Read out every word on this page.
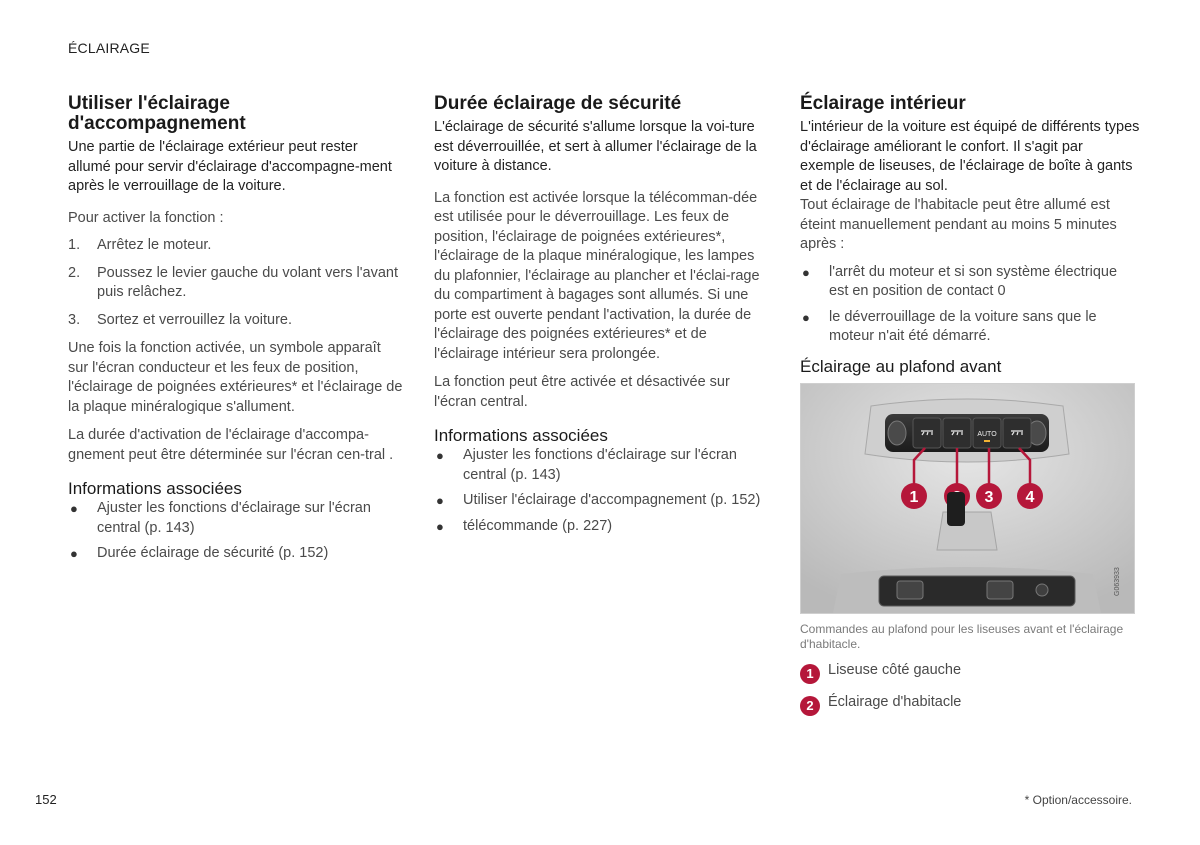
ÉCLAIRAGE
Utiliser l'éclairage d'accompagnement

Une partie de l'éclairage extérieur peut rester allumé pour servir d'éclairage d'accompagne-ment après le verrouillage de la voiture.

Pour activer la fonction :

1. Arrêtez le moteur.
2. Poussez le levier gauche du volant vers l'avant puis relâchez.
3. Sortez et verrouillez la voiture.

Une fois la fonction activée, un symbole apparaît sur l'écran conducteur et les feux de position, l'éclairage de poignées extérieures* et l'éclairage de la plaque minéralogique s'allument.

La durée d'activation de l'éclairage d'accompa-gnement peut être déterminée sur l'écran cen-tral .

Informations associées
● Ajuster les fonctions d'éclairage sur l'écran central (p. 143)
● Durée éclairage de sécurité (p. 152)
Durée éclairage de sécurité

L'éclairage de sécurité s'allume lorsque la voi-ture est déverrouillée, et sert à allumer l'éclairage de la voiture à distance.

La fonction est activée lorsque la télécomman-dée est utilisée pour le déverrouillage. Les feux de position, l'éclairage de poignées extérieures*, l'éclairage de la plaque minéralogique, les lampes du plafonnier, l'éclairage au plancher et l'éclai-rage du compartiment à bagages sont allumés. Si une porte est ouverte pendant l'activation, la durée de l'éclairage des poignées extérieures* et de l'éclairage intérieur sera prolongée.

La fonction peut être activée et désactivée sur l'écran central.

Informations associées
● Ajuster les fonctions d'éclairage sur l'écran central (p. 143)
● Utiliser l'éclairage d'accompagnement (p. 152)
● télécommande (p. 227)
Éclairage intérieur

L'intérieur de la voiture est équipé de différents types d'éclairage améliorant le confort. Il s'agit par exemple de liseuses, de l'éclairage de boîte à gants et de l'éclairage au sol.

Tout éclairage de l'habitacle peut être allumé est éteint manuellement pendant au moins 5 minutes après :

● l'arrêt du moteur et si son système électrique est en position de contact 0
● le déverrouillage de la voiture sans que le moteur n'ait été démarré.
Éclairage au plafond avant
AUTO
1	3 4
G063933

Commandes au plafond pour les liseuses avant et l'éclairage d'habitacle.

1 Liseuse côté gauche
2 Éclairage d'habitacle
152	* Option/accessoire.
